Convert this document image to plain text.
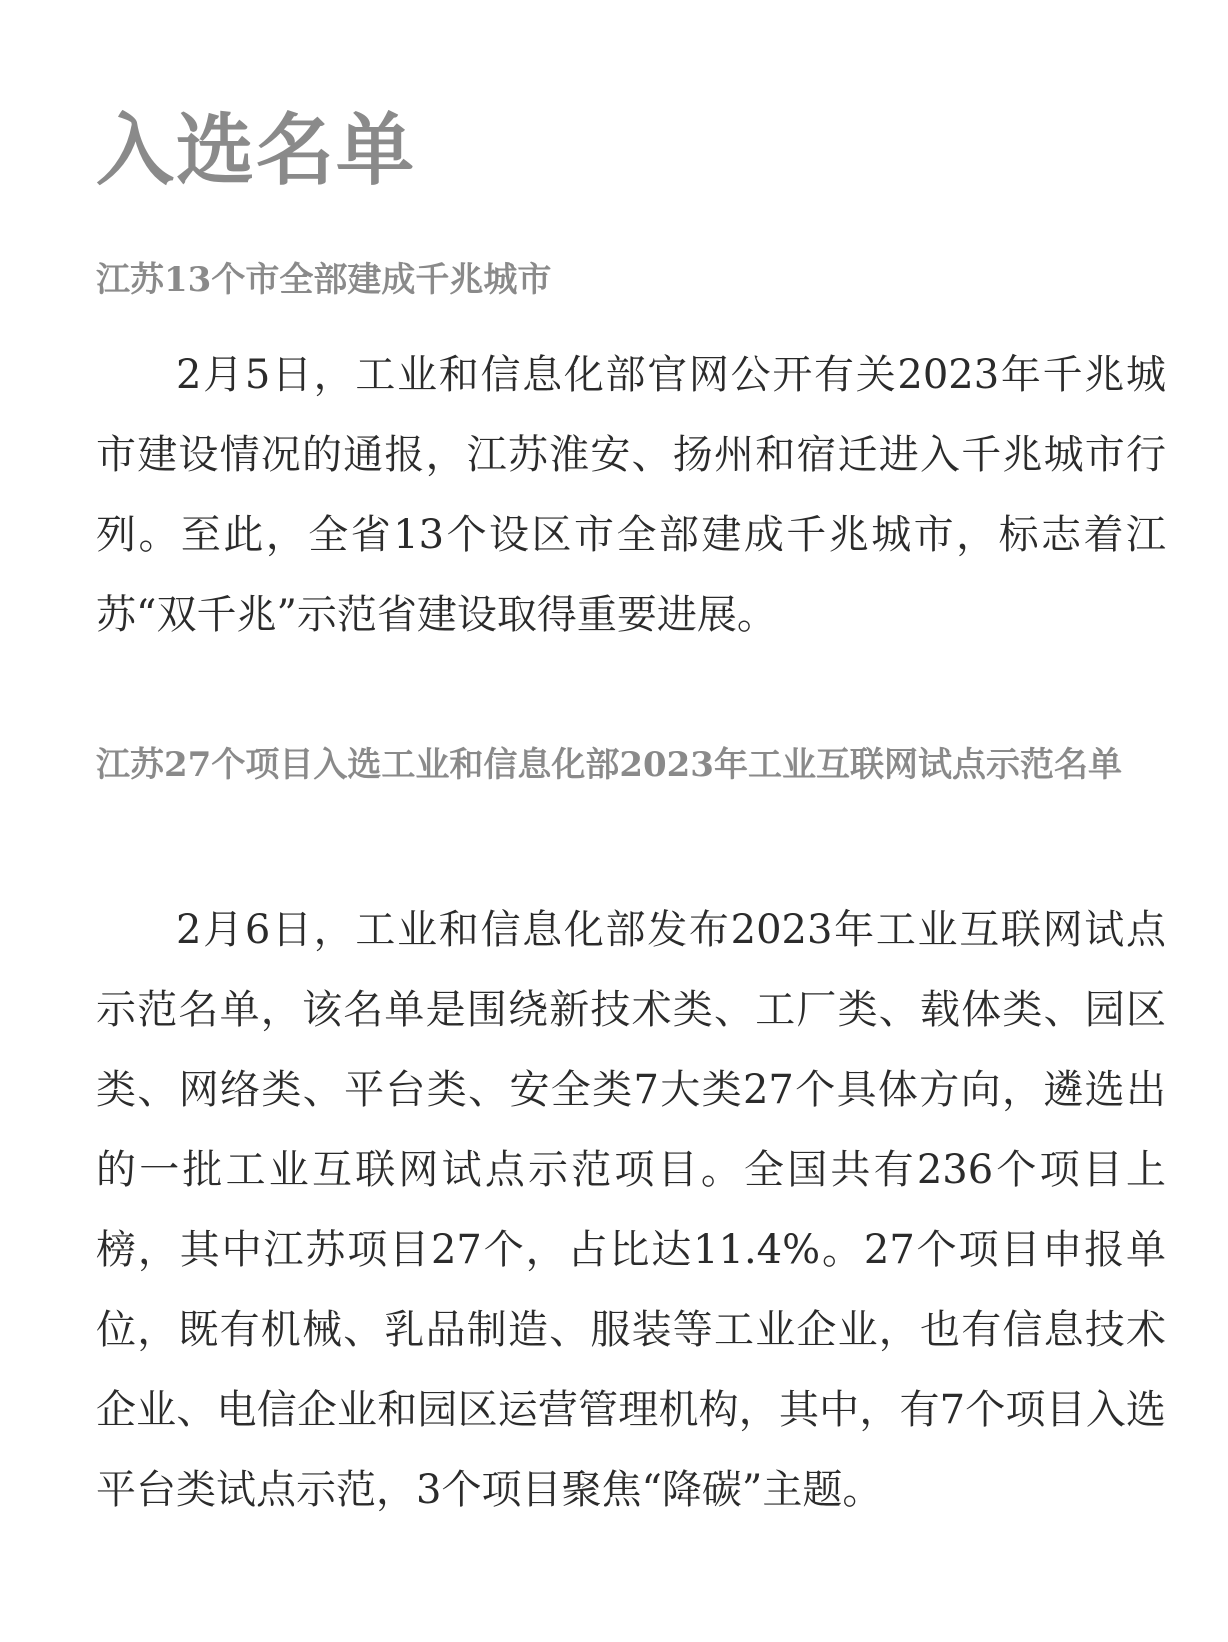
入选名单
江苏13个市全部建成千兆城市

2月5日，工业和信息化部官网公开有关2023年千兆城市建设情况的通报，江苏淮安、扬州和宿迁进入千兆城市行列。至此，全省13个设区市全部建成千兆城市，标志着江苏“双千兆”示范省建设取得重要进展。

江苏27个项目入选工业和信息化部2023年工业互联网试点示范名单

2月6日，工业和信息化部发布2023年工业互联网试点示范名单，该名单是围绕新技术类、工厂类、载体类、园区类、网络类、平台类、安全类7大类27个具体方向，遴选出的一批工业互联网试点示范项目。全国共有236个项目上榜，其中江苏项目27个，占比达11.4%。27个项目申报单位，既有机械、乳品制造、服装等工业企业，也有信息技术企业、电信企业和园区运营管理机构，其中，有7个项目入选平台类试点示范，3个项目聚焦“降碳”主题。
